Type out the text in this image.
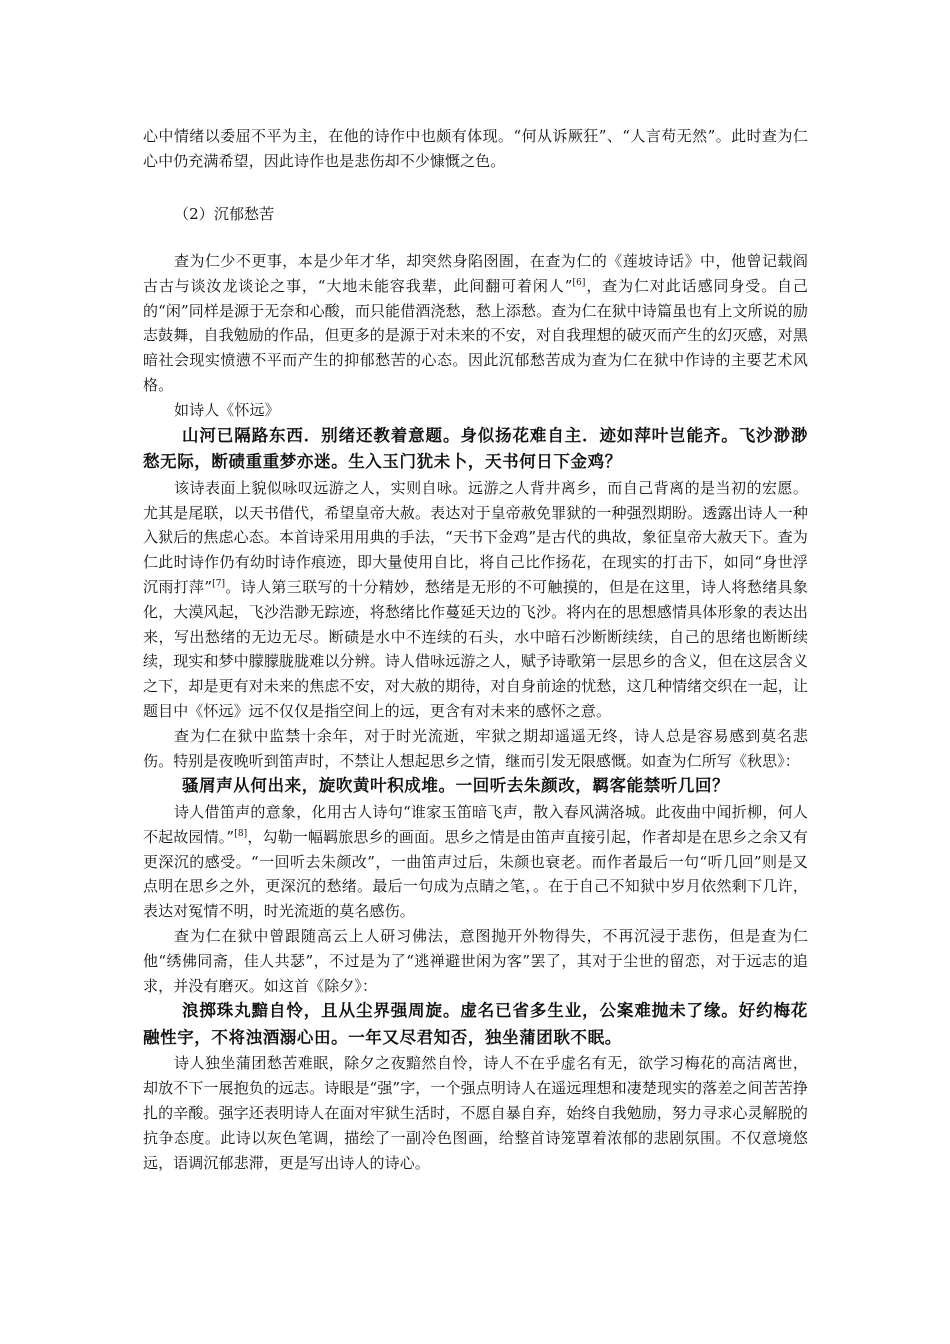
心中情绪以委屈不平为主，在他的诗作中也颇有体现。“何从诉厥狂”、“人言苟无然”。此时查为仁心中仍充满希望，因此诗作也是悲伤却不少慷慨之色。

（2）沉郁愁苦

查为仁少不更事，本是少年才华，却突然身陷囹圄，在查为仁的《莲坡诗话》中，他曾记载阎古古与谈汝龙谈论之事，“大地未能容我辈，此间翻可着闲人”[6]，查为仁对此话感同身受。自己的“闲”同样是源于无奈和心酸，而只能借酒浇愁，愁上添愁。查为仁在狱中诗篇虽也有上文所说的励志鼓舞，自我勉励的作品，但更多的是源于对未来的不安，对自我理想的破灭而产生的幻灭感，对黑暗社会现实愤懑不平而产生的抑郁愁苦的心态。因此沉郁愁苦成为查为仁在狱中作诗的主要艺术风格。

如诗人《怀远》

山河已隔路东西．别绪还教着意题。身似扬花难自主．迹如萍叶岂能齐。飞沙渺渺愁无际，断碛重重梦亦迷。生入玉门犹未卜，天书何日下金鸡？

该诗表面上貌似咏叹远游之人，实则自咏。远游之人背井离乡，而自己背离的是当初的宏愿。尤其是尾联，以天书借代，希望皇帝大赦。表达对于皇帝赦免罪狱的一种强烈期盼。透露出诗人一种入狱后的焦虑心态。本首诗采用用典的手法，“天书下金鸡”是古代的典故，象征皇帝大赦天下。查为仁此时诗作仍有幼时诗作痕迹，即大量使用自比，将自己比作扬花，在现实的打击下，如同“身世浮沉雨打萍”[7]。诗人第三联写的十分精妙，愁绪是无形的不可触摸的，但是在这里，诗人将愁绪具象化，大漠风起，飞沙浩渺无踪迹，将愁绪比作蔓延天边的飞沙。将内在的思想感情具体形象的表达出来，写出愁绪的无边无尽。断碛是水中不连续的石头，水中暗石沙断断续续，自己的思绪也断断续续，现实和梦中朦朦胧胧难以分辨。诗人借咏远游之人，赋予诗歌第一层思乡的含义，但在这层含义之下，却是更有对未来的焦虑不安，对大赦的期待，对自身前途的忧愁，这几种情绪交织在一起，让题目中《怀远》远不仅仅是指空间上的远，更含有对未来的感怀之意。

查为仁在狱中监禁十余年，对于时光流逝，牢狱之期却遥遥无终，诗人总是容易感到莫名悲伤。特别是夜晚听到笛声时，不禁让人想起思乡之情，继而引发无限感慨。如查为仁所写《秋思》：

骚屑声从何出来，旋吹黄叶积成堆。一回听去朱颜改，羁客能禁听几回？

诗人借笛声的意象，化用古人诗句“谁家玉笛暗飞声，散入春风满洛城。此夜曲中闻折柳，何人不起故园情。”[8]，勾勒一幅羁旅思乡的画面。思乡之情是由笛声直接引起，作者却是在思乡之余又有更深沉的感受。“一回听去朱颜改”，一曲笛声过后，朱颜也衰老。而作者最后一句“听几回”则是又点明在思乡之外，更深沉的愁绪。最后一句成为点睛之笔，。在于自己不知狱中岁月依然剩下几许，表达对冤情不明，时光流逝的莫名感伤。

查为仁在狱中曾跟随高云上人研习佛法，意图抛开外物得失，不再沉浸于悲伤，但是查为仁他“绣佛同斋，佳人共瑟”，不过是为了“逃禅避世闲为客”罢了，其对于尘世的留恋，对于远志的追求，并没有磨灭。如这首《除夕》：

浪掷珠丸黯自怜，且从尘界强周旋。虚名已省多生业，公案难抛未了缘。好约梅花融性宇，不将浊酒溺心田。一年又尽君知否，独坐蒲团耿不眠。

诗人独坐蒲团愁苦难眠，除夕之夜黯然自怜，诗人不在乎虚名有无，欲学习梅花的高洁离世，却放不下一展抱负的远志。诗眼是“强”字，一个强点明诗人在遥远理想和凄楚现实的落差之间苦苦挣扎的辛酸。强字还表明诗人在面对牢狱生活时，不愿自暴自弃，始终自我勉励，努力寻求心灵解脱的抗争态度。此诗以灰色笔调，描绘了一副冷色图画，给整首诗笼罩着浓郁的悲剧氛围。不仅意境悠远，语调沉郁悲滞，更是写出诗人的诗心。
